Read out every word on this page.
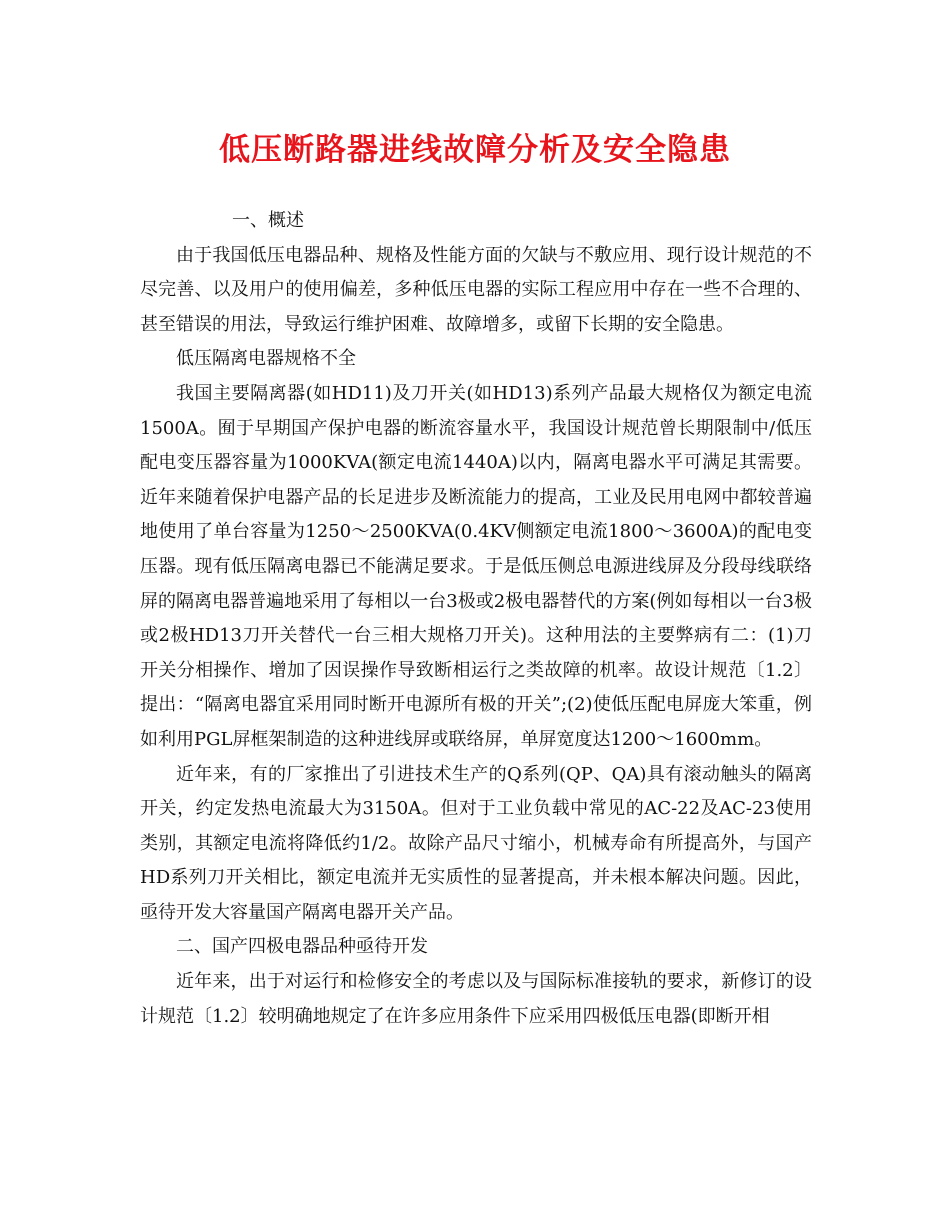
低压断路器进线故障分析及安全隐患

一、概述

由于我国低压电器品种、规格及性能方面的欠缺与不敷应用、现行设计规范的不尽完善、以及用户的使用偏差，多种低压电器的实际工程应用中存在一些不合理的、甚至错误的用法，导致运行维护困难、故障增多，或留下长期的安全隐患。

低压隔离电器规格不全

我国主要隔离器(如HD11)及刀开关(如HD13)系列产品最大规格仅为额定电流1500A。囿于早期国产保护电器的断流容量水平，我国设计规范曾长期限制中/低压配电变压器容量为1000KVA(额定电流1440A)以内，隔离电器水平可满足其需要。近年来随着保护电器产品的长足进步及断流能力的提高，工业及民用电网中都较普遍地使用了单台容量为1250～2500KVA(0.4KV侧额定电流1800～3600A)的配电变压器。现有低压隔离电器已不能满足要求。于是低压侧总电源进线屏及分段母线联络屏的隔离电器普遍地采用了每相以一台3极或2极电器替代的方案(例如每相以一台3极或2极HD13刀开关替代一台三相大规格刀开关)。这种用法的主要弊病有二：(1)刀开关分相操作、增加了因误操作导致断相运行之类故障的机率。故设计规范〔1.2〕提出：“隔离电器宜采用同时断开电源所有极的开关”;(2)使低压配电屏庞大笨重，例如利用PGL屏框架制造的这种进线屏或联络屏，单屏宽度达1200～1600mm。

近年来，有的厂家推出了引进技术生产的Q系列(QP、QA)具有滚动触头的隔离开关，约定发热电流最大为3150A。但对于工业负载中常见的AC-22及AC-23使用类别，其额定电流将降低约1/2。故除产品尺寸缩小，机械寿命有所提高外，与国产HD系列刀开关相比，额定电流并无实质性的显著提高，并未根本解决问题。因此，亟待开发大容量国产隔离电器开关产品。

二、国产四极电器品种亟待开发

近年来，出于对运行和检修安全的考虑以及与国际标准接轨的要求，新修订的设计规范〔1.2〕较明确地规定了在许多应用条件下应采用四极低压电器(即断开相
